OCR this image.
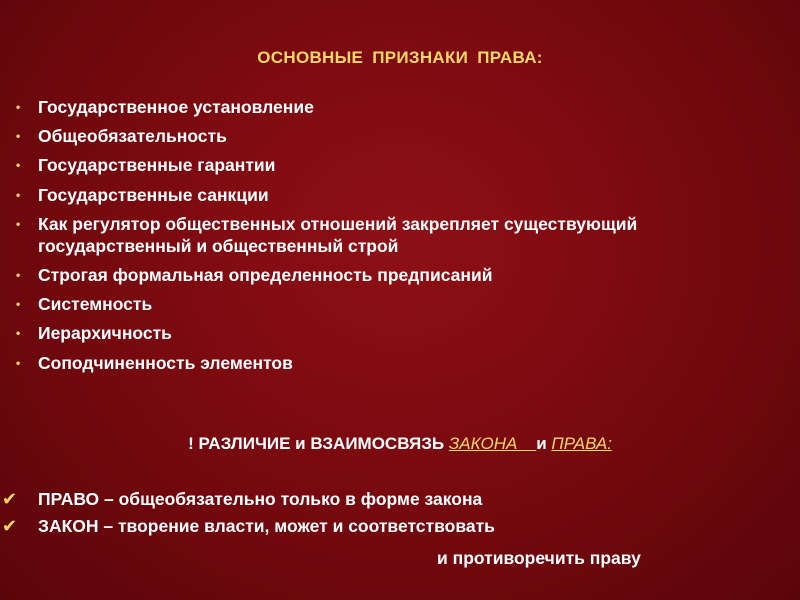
ОСНОВНЫЕ ПРИЗНАКИ ПРАВА:
•	Государственное установление
•	Общеобязательность
•	Государственные гарантии
•	Государственные санкции
•	Как регулятор общественных отношений закрепляет существующий государственный и общественный строй
•	Строгая формальная определенность предписаний
•	Системность
•	Иерархичность
•	Соподчиненность элементов
! РАЗЛИЧИЕ и ВЗАИМОСВЯЗЬ ЗАКОНА    и ПРАВА:
✔ ПРАВО – общеобязательно только в форме закона
✔ ЗАКОН – творение власти, может и соответствовать
и противоречить праву
